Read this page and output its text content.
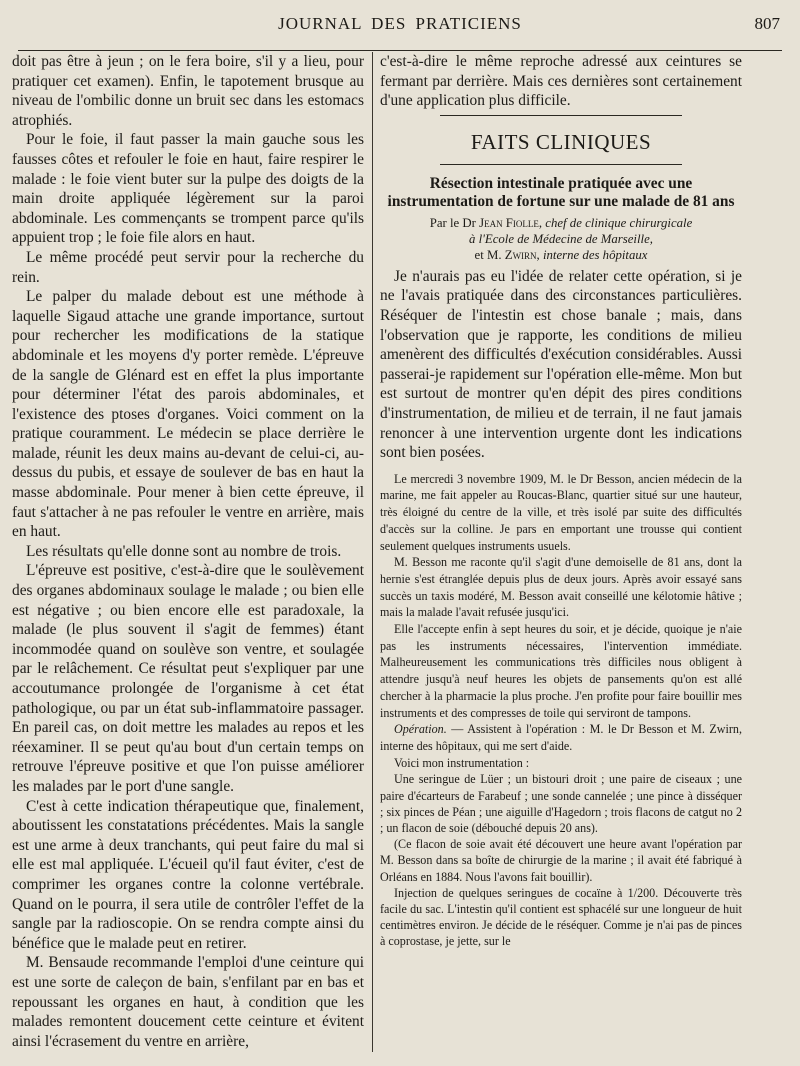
JOURNAL DES PRATICIENS	807

doit pas être à jeun ; on le fera boire, s'il y a lieu, pour pratiquer cet examen). Enfin, le tapotement brusque au niveau de l'ombilic donne un bruit sec dans les estomacs atrophiés.

Pour le foie, il faut passer la main gauche sous les fausses côtes et refouler le foie en haut, faire respirer le malade : le foie vient buter sur la pulpe des doigts de la main droite appliquée légèrement sur la paroi abdominale. Les commençants se trompent parce qu'ils appuient trop ; le foie file alors en haut.

Le même procédé peut servir pour la recherche du rein.

Le palper du malade debout est une méthode à laquelle Sigaud attache une grande importance, surtout pour rechercher les modifications de la statique abdominale et les moyens d'y porter remède. L'épreuve de la sangle de Glénard est en effet la plus importante pour déterminer l'état des parois abdominales, et l'existence des ptoses d'organes. Voici comment on la pratique couramment. Le médecin se place derrière le malade, réunit les deux mains au-devant de celui-ci, au-dessus du pubis, et essaye de soulever de bas en haut la masse abdominale. Pour mener à bien cette épreuve, il faut s'attacher à ne pas refouler le ventre en arrière, mais en haut.

Les résultats qu'elle donne sont au nombre de trois.

L'épreuve est positive, c'est-à-dire que le soulèvement des organes abdominaux soulage le malade ; ou bien elle est négative ; ou bien encore elle est paradoxale, la malade (le plus souvent il s'agit de femmes) étant incommodée quand on soulève son ventre, et soulagée par le relâchement. Ce résultat peut s'expliquer par une accoutumance prolongée de l'organisme à cet état pathologique, ou par un état sub-inflammatoire passager. En pareil cas, on doit mettre les malades au repos et les réexaminer. Il se peut qu'au bout d'un certain temps on retrouve l'épreuve positive et que l'on puisse améliorer les malades par le port d'une sangle.

C'est à cette indication thérapeutique que, finalement, aboutissent les constatations précédentes. Mais la sangle est une arme à deux tranchants, qui peut faire du mal si elle est mal appliquée. L'écueil qu'il faut éviter, c'est de comprimer les organes contre la colonne vertébrale. Quand on le pourra, il sera utile de contrôler l'effet de la sangle par la radioscopie. On se rendra compte ainsi du bénéfice que le malade peut en retirer.

M. Bensaude recommande l'emploi d'une ceinture qui est une sorte de caleçon de bain, s'enfilant par en bas et repoussant les organes en haut, à condition que les malades remontent doucement cette ceinture et évitent ainsi l'écrasement du ventre en arrière,

c'est-à-dire le même reproche adressé aux ceintures se fermant par derrière. Mais ces dernières sont certainement d'une application plus difficile.

FAITS CLINIQUES
Résection intestinale pratiquée avec une instrumentation de fortune sur une malade de 81 ans
Par le Dr Jean Fiolle, chef de clinique chirurgicale
à l'Ecole de Médecine de Marseille,
et M. Zwirn, interne des hôpitaux

Je n'aurais pas eu l'idée de relater cette opération, si je ne l'avais pratiquée dans des circonstances particulières. Réséquer de l'intestin est chose banale ; mais, dans l'observation que je rapporte, les conditions de milieu amenèrent des difficultés d'exécution considérables. Aussi passerai-je rapidement sur l'opération elle-même. Mon but est surtout de montrer qu'en dépit des pires conditions d'instrumentation, de milieu et de terrain, il ne faut jamais renoncer à une intervention urgente dont les indications sont bien posées.

Le mercredi 3 novembre 1909, M. le Dr Besson, ancien médecin de la marine, me fait appeler au Roucas-Blanc, quartier situé sur une hauteur, très éloigné du centre de la ville, et très isolé par suite des difficultés d'accès sur la colline. Je pars en emportant une trousse qui contient seulement quelques instruments usuels.

M. Besson me raconte qu'il s'agit d'une demoiselle de 81 ans, dont la hernie s'est étranglée depuis plus de deux jours. Après avoir essayé sans succès un taxis modéré, M. Besson avait conseillé une kélotomie hâtive ; mais la malade l'avait refusée jusqu'ici.

Elle l'accepte enfin à sept heures du soir, et je décide, quoique je n'aie pas les instruments nécessaires, l'intervention immédiate. Malheureusement les communications très difficiles nous obligent à attendre jusqu'à neuf heures les objets de pansements qu'on est allé chercher à la pharmacie la plus proche. J'en profite pour faire bouillir mes instruments et des compresses de toile qui serviront de tampons.

Opération. — Assistent à l'opération : M. le Dr Besson et M. Zwirn, interne des hôpitaux, qui me sert d'aide.

Voici mon instrumentation :

Une seringue de Lüer ; un bistouri droit ; une paire de ciseaux ; une paire d'écarteurs de Farabeuf ; une sonde cannelée ; une pince à disséquer ; six pinces de Péan ; une aiguille d'Hagedorn ; trois flacons de catgut no 2 ; un flacon de soie (débouché depuis 20 ans).

(Ce flacon de soie avait été découvert une heure avant l'opération par M. Besson dans sa boîte de chirurgie de la marine ; il avait été fabriqué à Orléans en 1884. Nous l'avons fait bouillir).

Injection de quelques seringues de cocaïne à 1/200. Découverte très facile du sac. L'intestin qu'il contient est sphacélé sur une longueur de huit centimètres environ. Je décide de le réséquer. Comme je n'ai pas de pinces à coprostase, je jette, sur le
